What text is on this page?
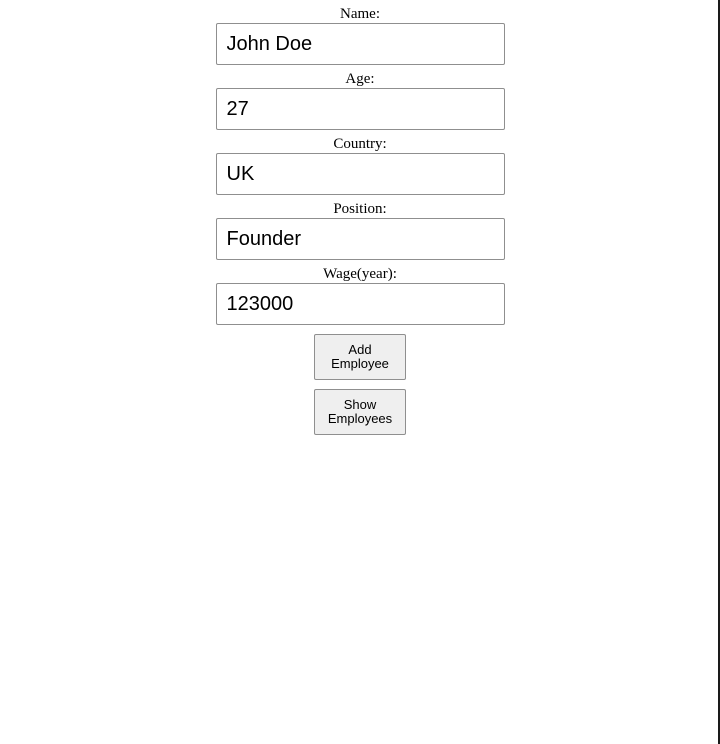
Name:
John Doe
Age:
27
Country:
UK
Position:
Founder
Wage(year):
123000
Add Employee
Show Employees
